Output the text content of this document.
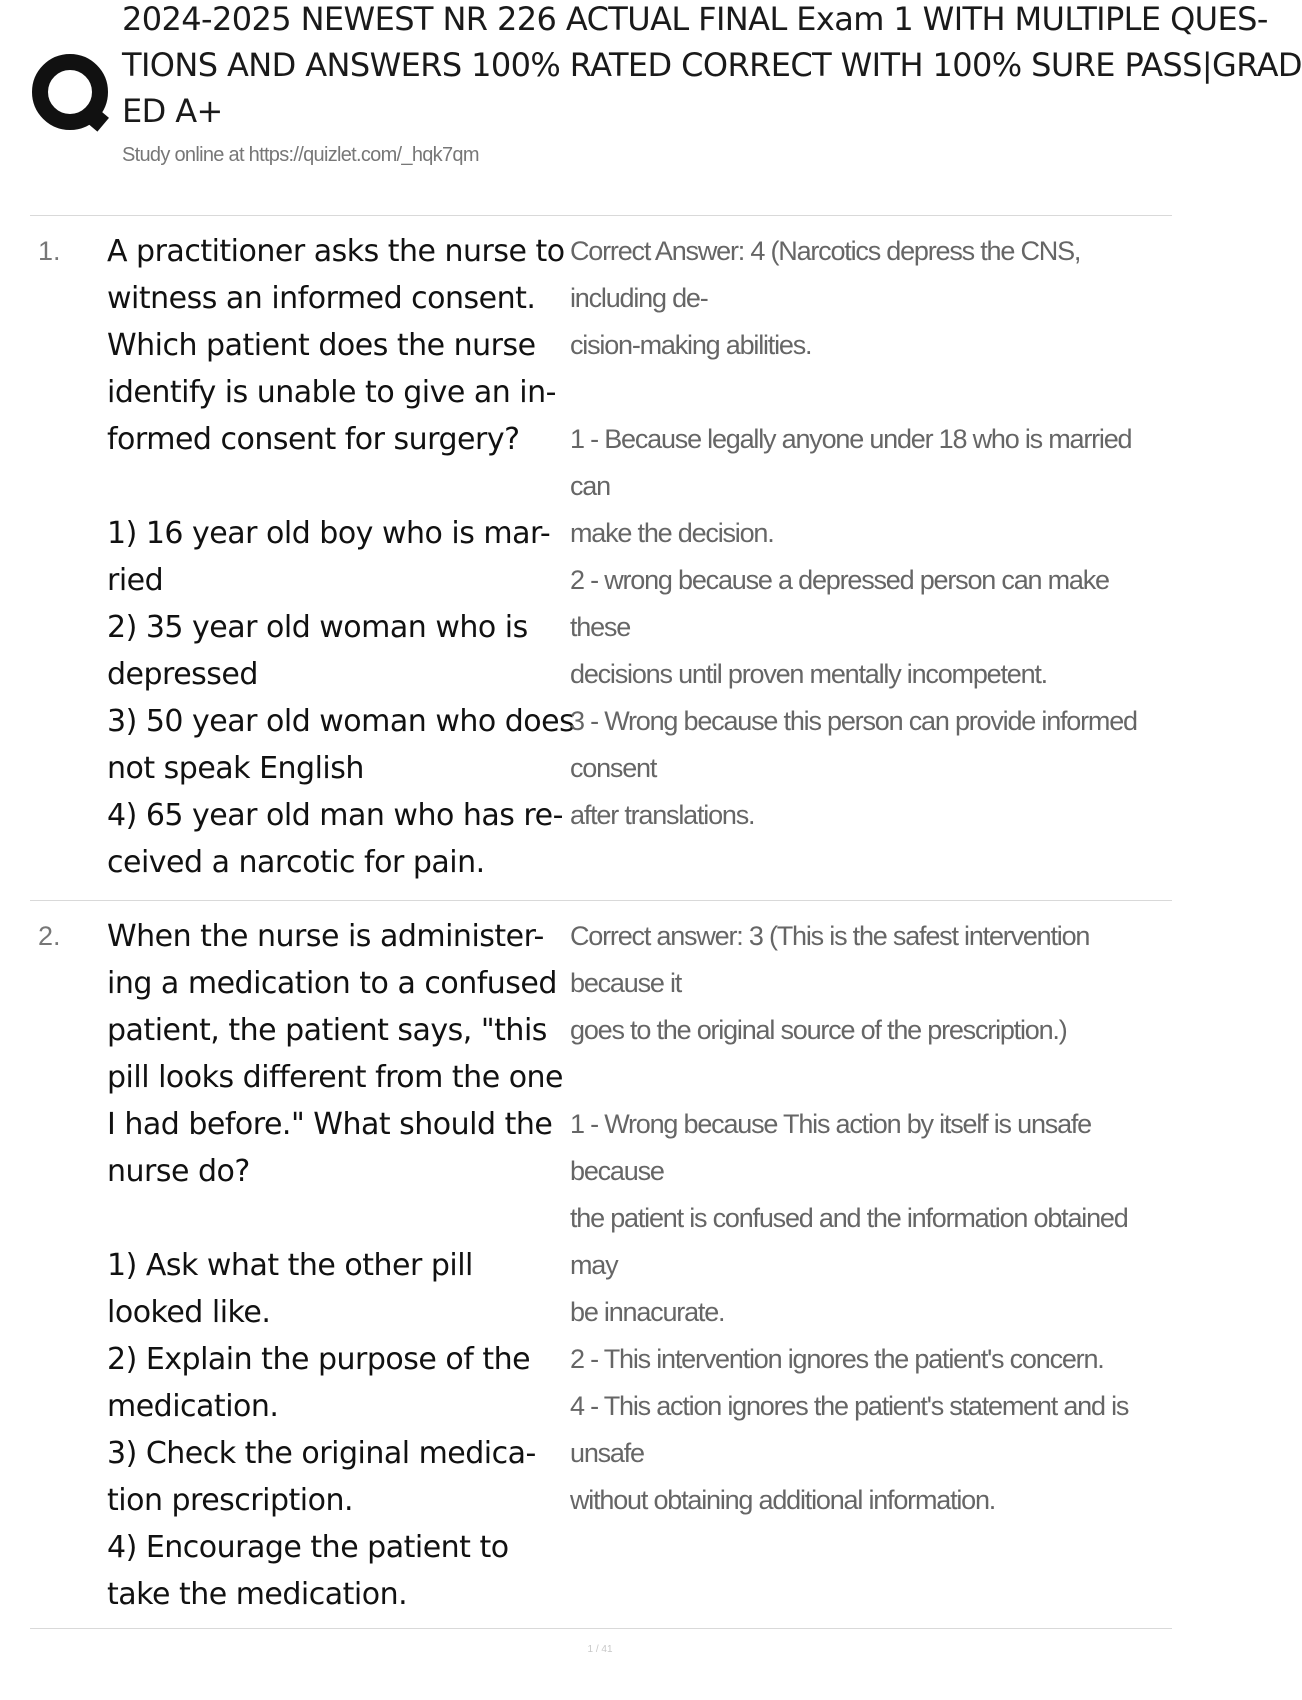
2024-2025 NEWEST NR 226 ACTUAL FINAL Exam 1 WITH MULTIPLE QUES-
TIONS AND ANSWERS 100% RATED CORRECT WITH 100% SURE PASS|GRAD
ED A+
Study online at https://quizlet.com/_hqk7qm
1. A practitioner asks the nurse to
witness an informed consent.
Which patient does the nurse
identify is unable to give an in-
formed consent for surgery?

1) 16 year old boy who is mar-
ried
2) 35 year old woman who is
depressed
3) 50 year old woman who does
not speak English
4) 65 year old man who has re-
ceived a narcotic for pain.
Correct Answer: 4 (Narcotics depress the CNS, including de-
cision-making abilities.

1 - Because legally anyone under 18 who is married can
make the decision.
2 - wrong because a depressed person can make these
decisions until proven mentally incompetent.
3 - Wrong because this person can provide informed consent
after translations.
2. When the nurse is administer-
ing a medication to a confused
patient, the patient says, "this
pill looks different from the one
I had before." What should the
nurse do?

1) Ask what the other pill
looked like.
2) Explain the purpose of the
medication.
3) Check the original medica-
tion prescription.
4) Encourage the patient to
take the medication.
Correct answer: 3 (This is the safest intervention because it
goes to the original source of the prescription.)

1 - Wrong because This action by itself is unsafe because
the patient is confused and the information obtained may
be innacurate.
2 - This intervention ignores the patient's concern.
4 - This action ignores the patient's statement and is unsafe
without obtaining additional information.
1 / 41
